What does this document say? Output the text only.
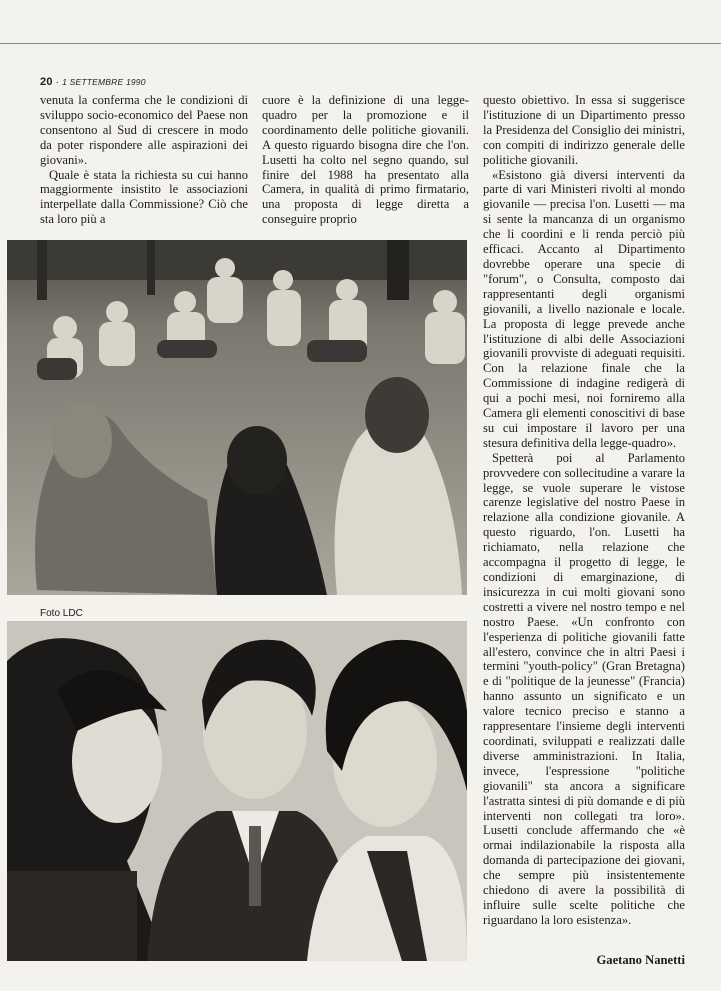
20 · 1 SETTEMBRE 1990

venuta la conferma che le condizioni di sviluppo socio-economico del Paese non consentono al Sud di crescere in modo da poter rispondere alle aspirazioni dei giovani».

Quale è stata la richiesta su cui hanno maggiormente insistito le associazioni interpellate dalla Commissione? Ciò che sta loro più a

cuore è la definizione di una legge-quadro per la promozione e il coordinamento delle politiche giovanili. A questo riguardo bisogna dire che l'on. Lusetti ha colto nel segno quando, sul finire del 1988 ha presentato alla Camera, in qualità di primo firmatario, una proposta di legge diretta a conseguire proprio

questo obiettivo. In essa si suggerisce l'istituzione di un Dipartimento presso la Presidenza del Consiglio dei ministri, con compiti di indirizzo generale delle politiche giovanili.

«Esistono già diversi interventi da parte di vari Ministeri rivolti al mondo giovanile — precisa l'on. Lusetti — ma si sente la mancanza di un organismo che li coordini e li renda perciò più efficaci. Accanto al Dipartimento dovrebbe operare una specie di "forum", o Consulta, composto dai rappresentanti degli organismi giovanili, a livello nazionale e locale. La proposta di legge prevede anche l'istituzione di albi delle Associazioni giovanili provviste di adeguati requisiti. Con la relazione finale che la Commissione di indagine redigerà di qui a pochi mesi, noi forniremo alla Camera gli elementi conoscitivi di base su cui impostare il lavoro per una stesura definitiva della legge-quadro».

Spetterà poi al Parlamento provvedere con sollecitudine a varare la legge, se vuole superare le vistose carenze legislative del nostro Paese in relazione alla condizione giovanile. A questo riguardo, l'on. Lusetti ha richiamato, nella relazione che accompagna il progetto di legge, le condizioni di emarginazione, di insicurezza in cui molti giovani sono costretti a vivere nel nostro tempo e nel nostro Paese. «Un confronto con l'esperienza di politiche giovanili fatte all'estero, convince che in altri Paesi i termini "youth-policy" (Gran Bretagna) e di "politique de la jeunesse" (Francia) hanno assunto un significato e un valore tecnico preciso e stanno a rappresentare l'insieme degli interventi coordinati, sviluppati e realizzati dalle diverse amministrazioni. In Italia, invece, l'espressione "politiche giovanili" sta ancora a significare l'astratta sintesi di più domande e di più interventi non collegati tra loro». Lusetti conclude affermando che «è ormai indilazionabile la risposta alla domanda di partecipazione dei giovani, che sempre più insistentemente chiedono di avere la possibilità di influire sulle scelte politiche che riguardano la loro esistenza».

Gaetano Nanetti
Foto LDC
